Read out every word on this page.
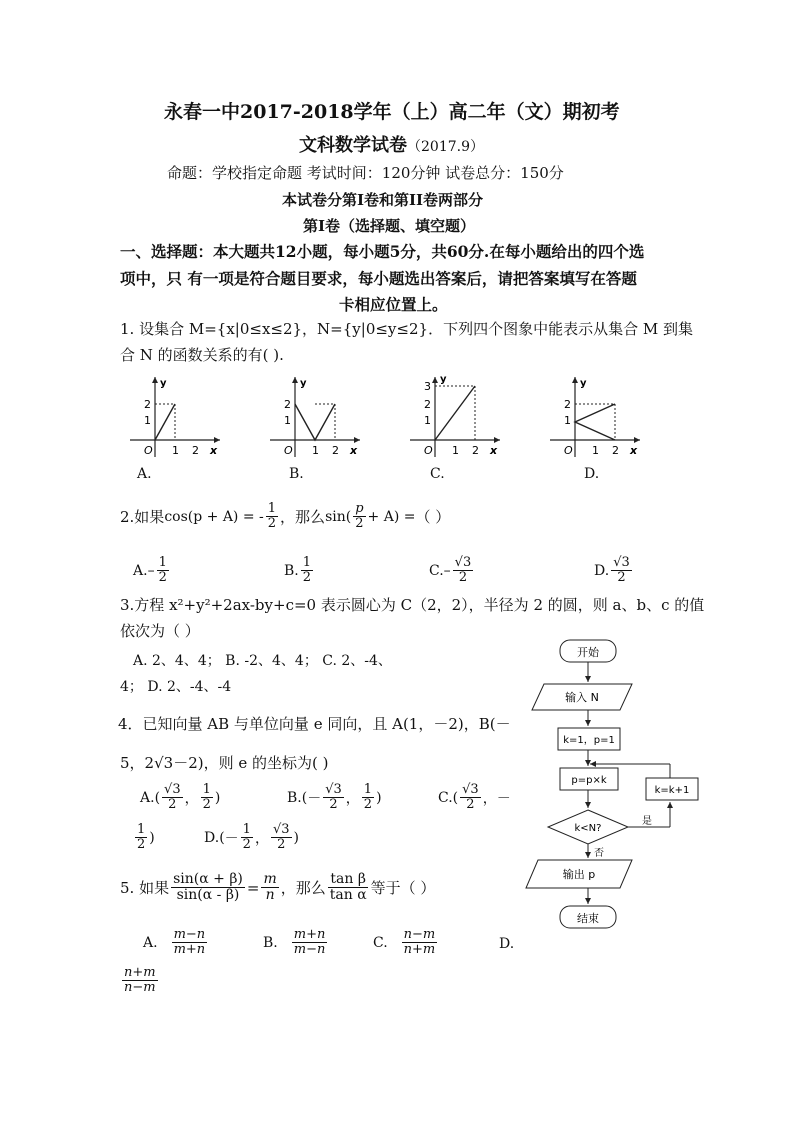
永春一中2017-2018学年（上）高二年（文）期初考
文科数学试卷（2017.9）
命题：学校指定命题 考试时间：120分钟 试卷总分：150分
本试卷分第I卷和第II卷两部分
第I卷（选择题、填空题）
一、选择题：本大题共12小题，每小题5分，共60分.在每小题给出的四个选
项中，只 有一项是符合题目要求，每小题选出答案后，请把答案填写在答题
卡相应位置上。
1. 设集合 M={x|0≤x≤2}，N={y|0≤y≤2}．下列四个图象中能表示从集合 M 到集
合 N 的函数关系的有( ).
y
2
1
O 1 2 x
y
2
1
O 1 2 x
y
3
2
1
O 1 2 x
y
2
1
O 1 2 x
A.	B.	C.	D.
2.如果 cos(p + A) = - $\frac{1}{2}$ ，那么 $\sin( \frac{p}{2} + A)$ = （ ）
A. – $\frac{1}{2}$	B. $\frac{1}{2}$	C. – $\frac{√3}{2}$	D. $\frac{√3}{2}$
3.方程 x²+y²+2ax-by+c=0 表示圆心为 C（2，2），半径为 2 的圆，则 a、b、c 的值
依次为（ ）
A. 2、4、4； B. -2、4、4； C. 2、-4、
4； D. 2、-4、-4
4．已知向量 AB 与单位向量 e 同向，且 A(1，－2)，B(－
5，2√3－2)，则 e 的坐标为( )
A. ( $\frac{√3}{2}$ ， $\frac{1}{2}$ )	B. ( － $\frac{√3}{2}$ ， $\frac{1}{2}$ )	C. ( $\frac{√3}{2}$ ， －
$\frac{1}{2}$ )	D. ( － $\frac{1}{2}$ ， $\frac{√3}{2}$ )
5. 如果 $\frac{\sin(\alpha + \beta)}{\sin(\alpha - \beta)} = \frac{m}{n}$ ，那么 $\frac{\text{tan β}}{\text{tan α}}$ 等于（ ）
A. $\frac{m-n}{m+n}$	B. $\frac{m+n}{m-n}$	C. $\frac{n-m}{n+m}$	D.
$\frac{n+m}{n-m}$
开始
输入 N
k=1，p=1
p=p×k
k<N?
是
k=k+1
否
输出 p
结束
